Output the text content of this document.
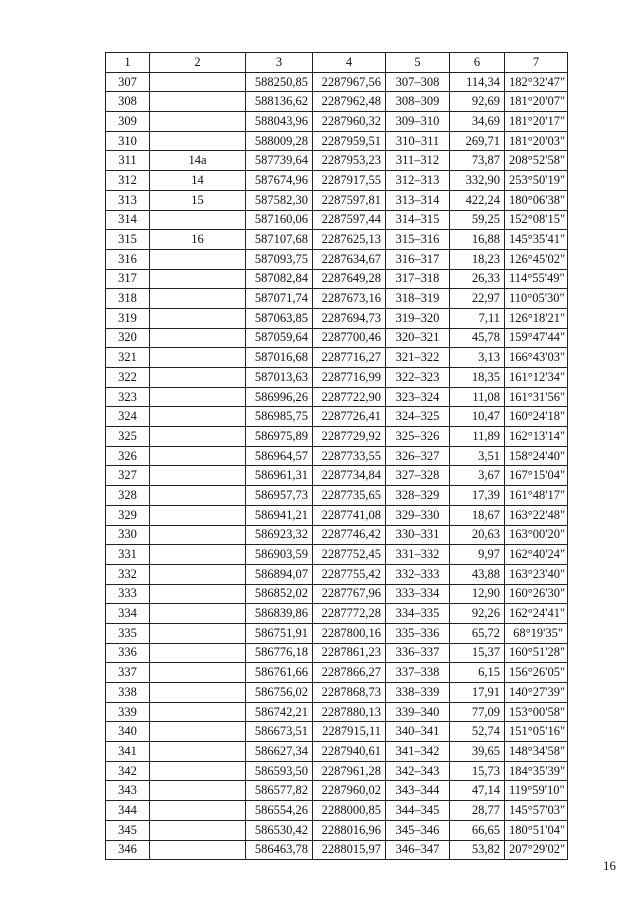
1	2	3	4	5	6	7
307		588250,85	2287967,56	307–308	114,34	182°32'47"
308		588136,62	2287962,48	308–309	92,69	181°20'07"
309		588043,96	2287960,32	309–310	34,69	181°20'17"
310		588009,28	2287959,51	310–311	269,71	181°20'03"
311	14а	587739,64	2287953,23	311–312	73,87	208°52'58"
312	14	587674,96	2287917,55	312–313	332,90	253°50'19"
313	15	587582,30	2287597,81	313–314	422,24	180°06'38"
314		587160,06	2287597,44	314–315	59,25	152°08'15"
315	16	587107,68	2287625,13	315–316	16,88	145°35'41"
316		587093,75	2287634,67	316–317	18,23	126°45'02"
317		587082,84	2287649,28	317–318	26,33	114°55'49"
318		587071,74	2287673,16	318–319	22,97	110°05'30"
319		587063,85	2287694,73	319–320	7,11	126°18'21"
320		587059,64	2287700,46	320–321	45,78	159°47'44"
321		587016,68	2287716,27	321–322	3,13	166°43'03"
322		587013,63	2287716,99	322–323	18,35	161°12'34"
323		586996,26	2287722,90	323–324	11,08	161°31'56"
324		586985,75	2287726,41	324–325	10,47	160°24'18"
325		586975,89	2287729,92	325–326	11,89	162°13'14"
326		586964,57	2287733,55	326–327	3,51	158°24'40"
327		586961,31	2287734,84	327–328	3,67	167°15'04"
328		586957,73	2287735,65	328–329	17,39	161°48'17"
329		586941,21	2287741,08	329–330	18,67	163°22'48"
330		586923,32	2287746,42	330–331	20,63	163°00'20"
331		586903,59	2287752,45	331–332	9,97	162°40'24"
332		586894,07	2287755,42	332–333	43,88	163°23'40"
333		586852,02	2287767,96	333–334	12,90	160°26'30"
334		586839,86	2287772,28	334–335	92,26	162°24'41"
335		586751,91	2287800,16	335–336	65,72	68°19'35"
336		586776,18	2287861,23	336–337	15,37	160°51'28"
337		586761,66	2287866,27	337–338	6,15	156°26'05"
338		586756,02	2287868,73	338–339	17,91	140°27'39"
339		586742,21	2287880,13	339–340	77,09	153°00'58"
340		586673,51	2287915,11	340–341	52,74	151°05'16"
341		586627,34	2287940,61	341–342	39,65	148°34'58"
342		586593,50	2287961,28	342–343	15,73	184°35'39"
343		586577,82	2287960,02	343–344	47,14	119°59'10"
344		586554,26	2288000,85	344–345	28,77	145°57'03"
345		586530,42	2288016,96	345–346	66,65	180°51'04"
346		586463,78	2288015,97	346–347	53,82	207°29'02"
16
